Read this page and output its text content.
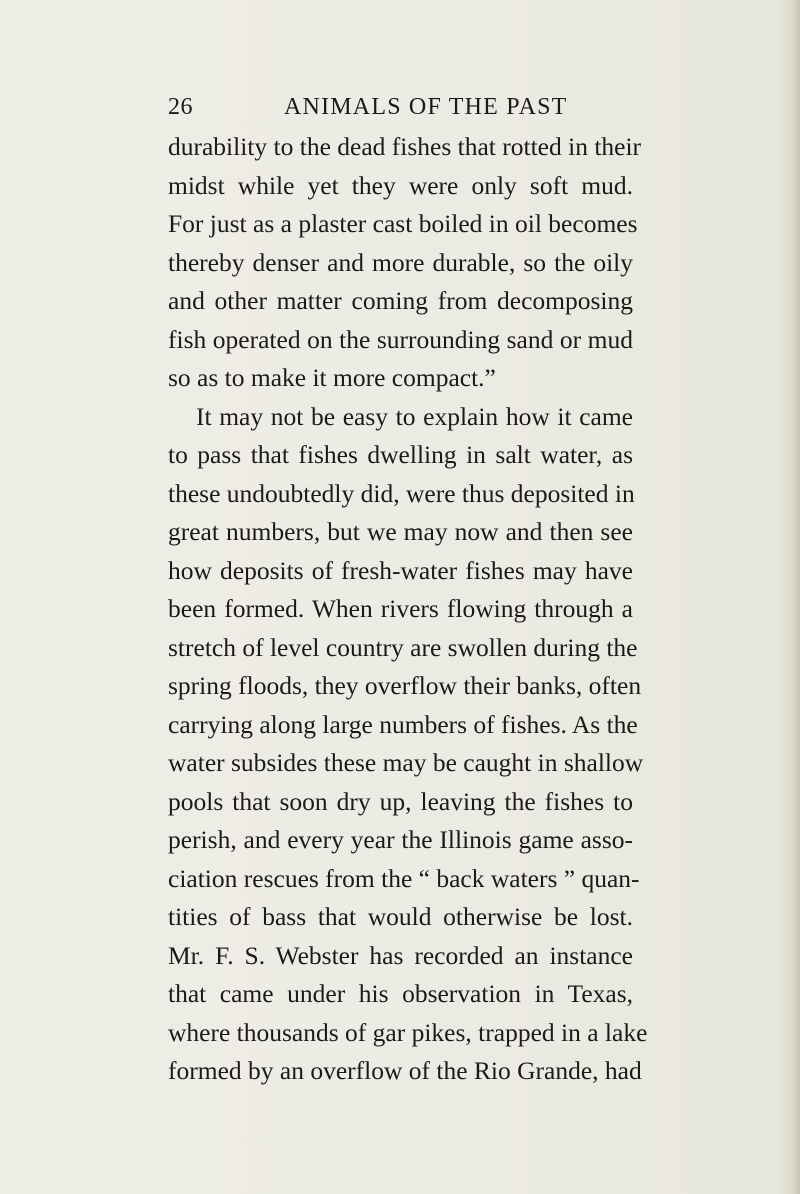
26	ANIMALS OF THE PAST
durability to the dead fishes that rotted in their
midst while yet they were only soft mud.
For just as a plaster cast boiled in oil becomes
thereby denser and more durable, so the oily
and other matter coming from decomposing
fish operated on the surrounding sand or mud
so as to make it more compact.”
It may not be easy to explain how it came
to pass that fishes dwelling in salt water, as
these undoubtedly did, were thus deposited in
great numbers, but we may now and then see
how deposits of fresh-water fishes may have
been formed. When rivers flowing through a
stretch of level country are swollen during the
spring floods, they overflow their banks, often
carrying along large numbers of fishes. As the
water subsides these may be caught in shallow
pools that soon dry up, leaving the fishes to
perish, and every year the Illinois game asso-
ciation rescues from the “ back waters ” quan-
tities of bass that would otherwise be lost.
Mr. F. S. Webster has recorded an instance
that came under his observation in Texas,
where thousands of gar pikes, trapped in a lake
formed by an overflow of the Rio Grande, had
